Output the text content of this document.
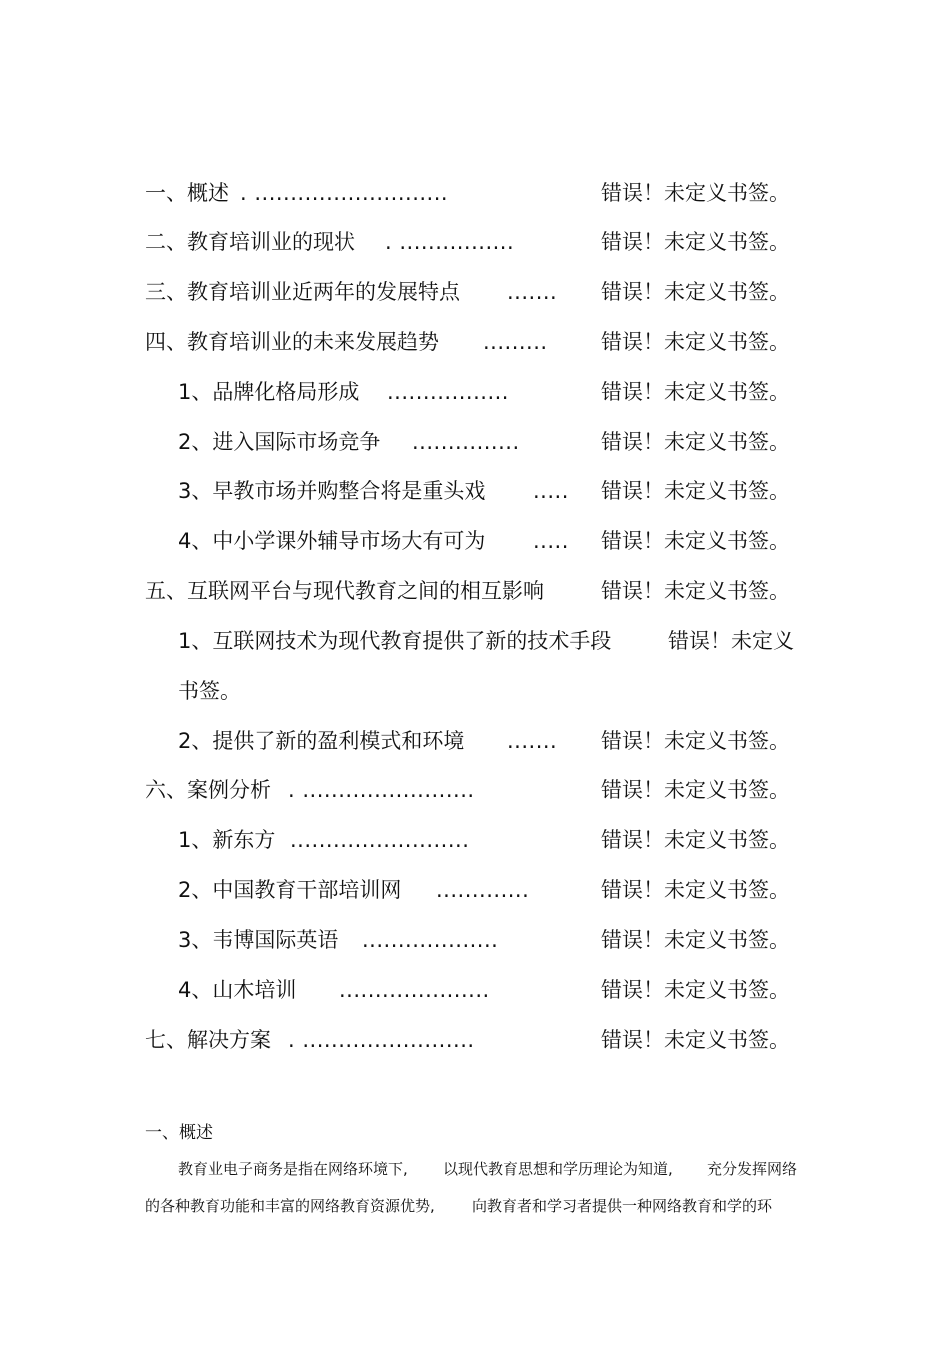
一、概述 . ...........................	错误！未定义书签。
二、教育培训业的现状 . ................	错误！未定义书签。
三、教育培训业近两年的发展特点 ....... 错误！未定义书签。
四、教育培训业的未来发展趋势 .........	错误！未定义书签。
1、品牌化格局形成 .................	错误！未定义书签。
2、进入国际市场竞争 ...............	错误！未定义书签。
3、早教市场并购整合将是重头戏 ..... 错误！未定义书签。
4、中小学课外辅导市场大有可为 ..... 错误！未定义书签。
五、互联网平台与现代教育之间的相互影响	错误！未定义书签。
1、互联网技术为现代教育提供了新的技术手段	错误！未定义
书签。
2、提供了新的盈利模式和环境 ....... 错误！未定义书签。
六、案例分析 . ........................	错误！未定义书签。
1、新东方 .........................	错误！未定义书签。
2、中国教育干部培训网 .............	错误！未定义书签。
3、韦博国际英语 ...................	错误！未定义书签。
4、山木培训 .....................	错误！未定义书签。
七、解决方案 . ........................	错误！未定义书签。
一、概述
教育业电子商务是指在网络环境下, 以现代教育思想和学历理论为知道, 充分发挥网络
的各种教育功能和丰富的网络教育资源优势, 向教育者和学习者提供一种网络教育和学的环
